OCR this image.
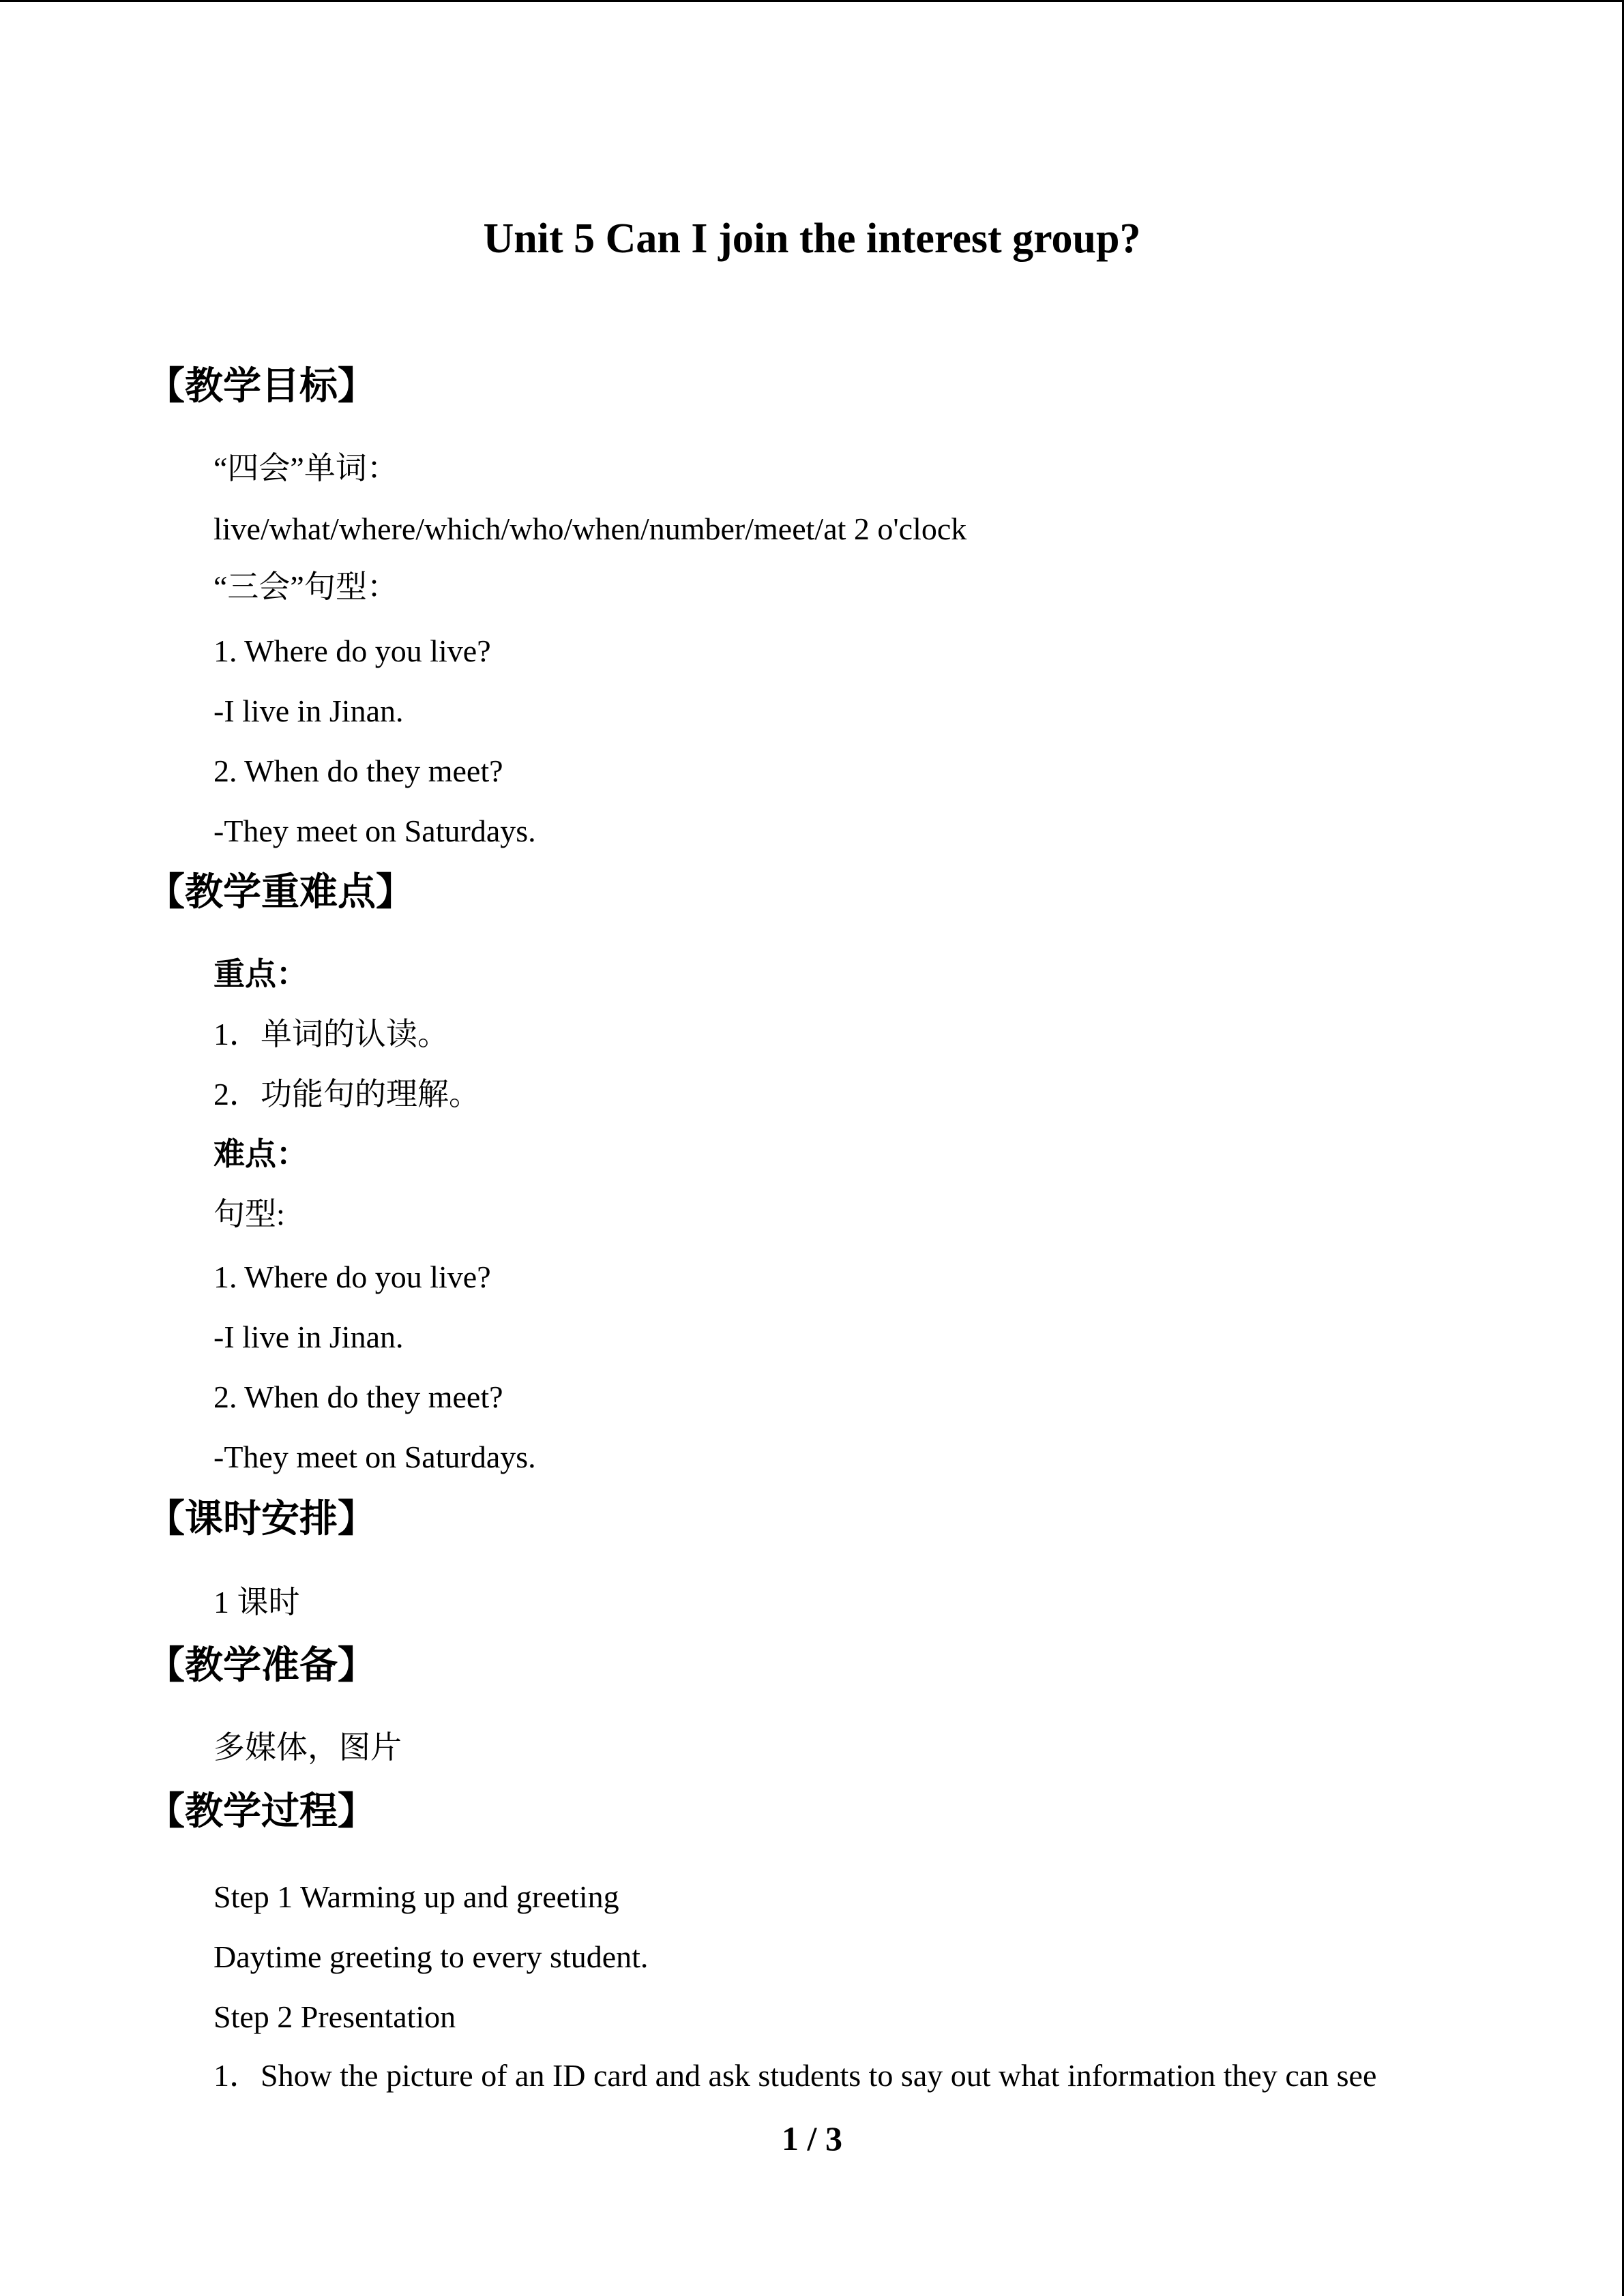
Unit 5 Can I join the interest group?
【教学目标】
“四会”单词：
live/what/where/which/who/when/number/meet/at 2 o'clock
“三会”句型：
1. Where do you live?
-I live in Jinan.
2. When do they meet?
-They meet on Saturdays.
【教学重难点】
重点：
1．单词的认读。
2．功能句的理解。
难点：
句型:
1. Where do you live?
-I live in Jinan.
2. When do they meet?
-They meet on Saturdays.
【课时安排】
1 课时
【教学准备】
多媒体，图片
【教学过程】
Step 1 Warming up and greeting
Daytime greeting to every student.
Step 2 Presentation
1．Show the picture of an ID card and ask students to say out what information they can see
1 / 3
